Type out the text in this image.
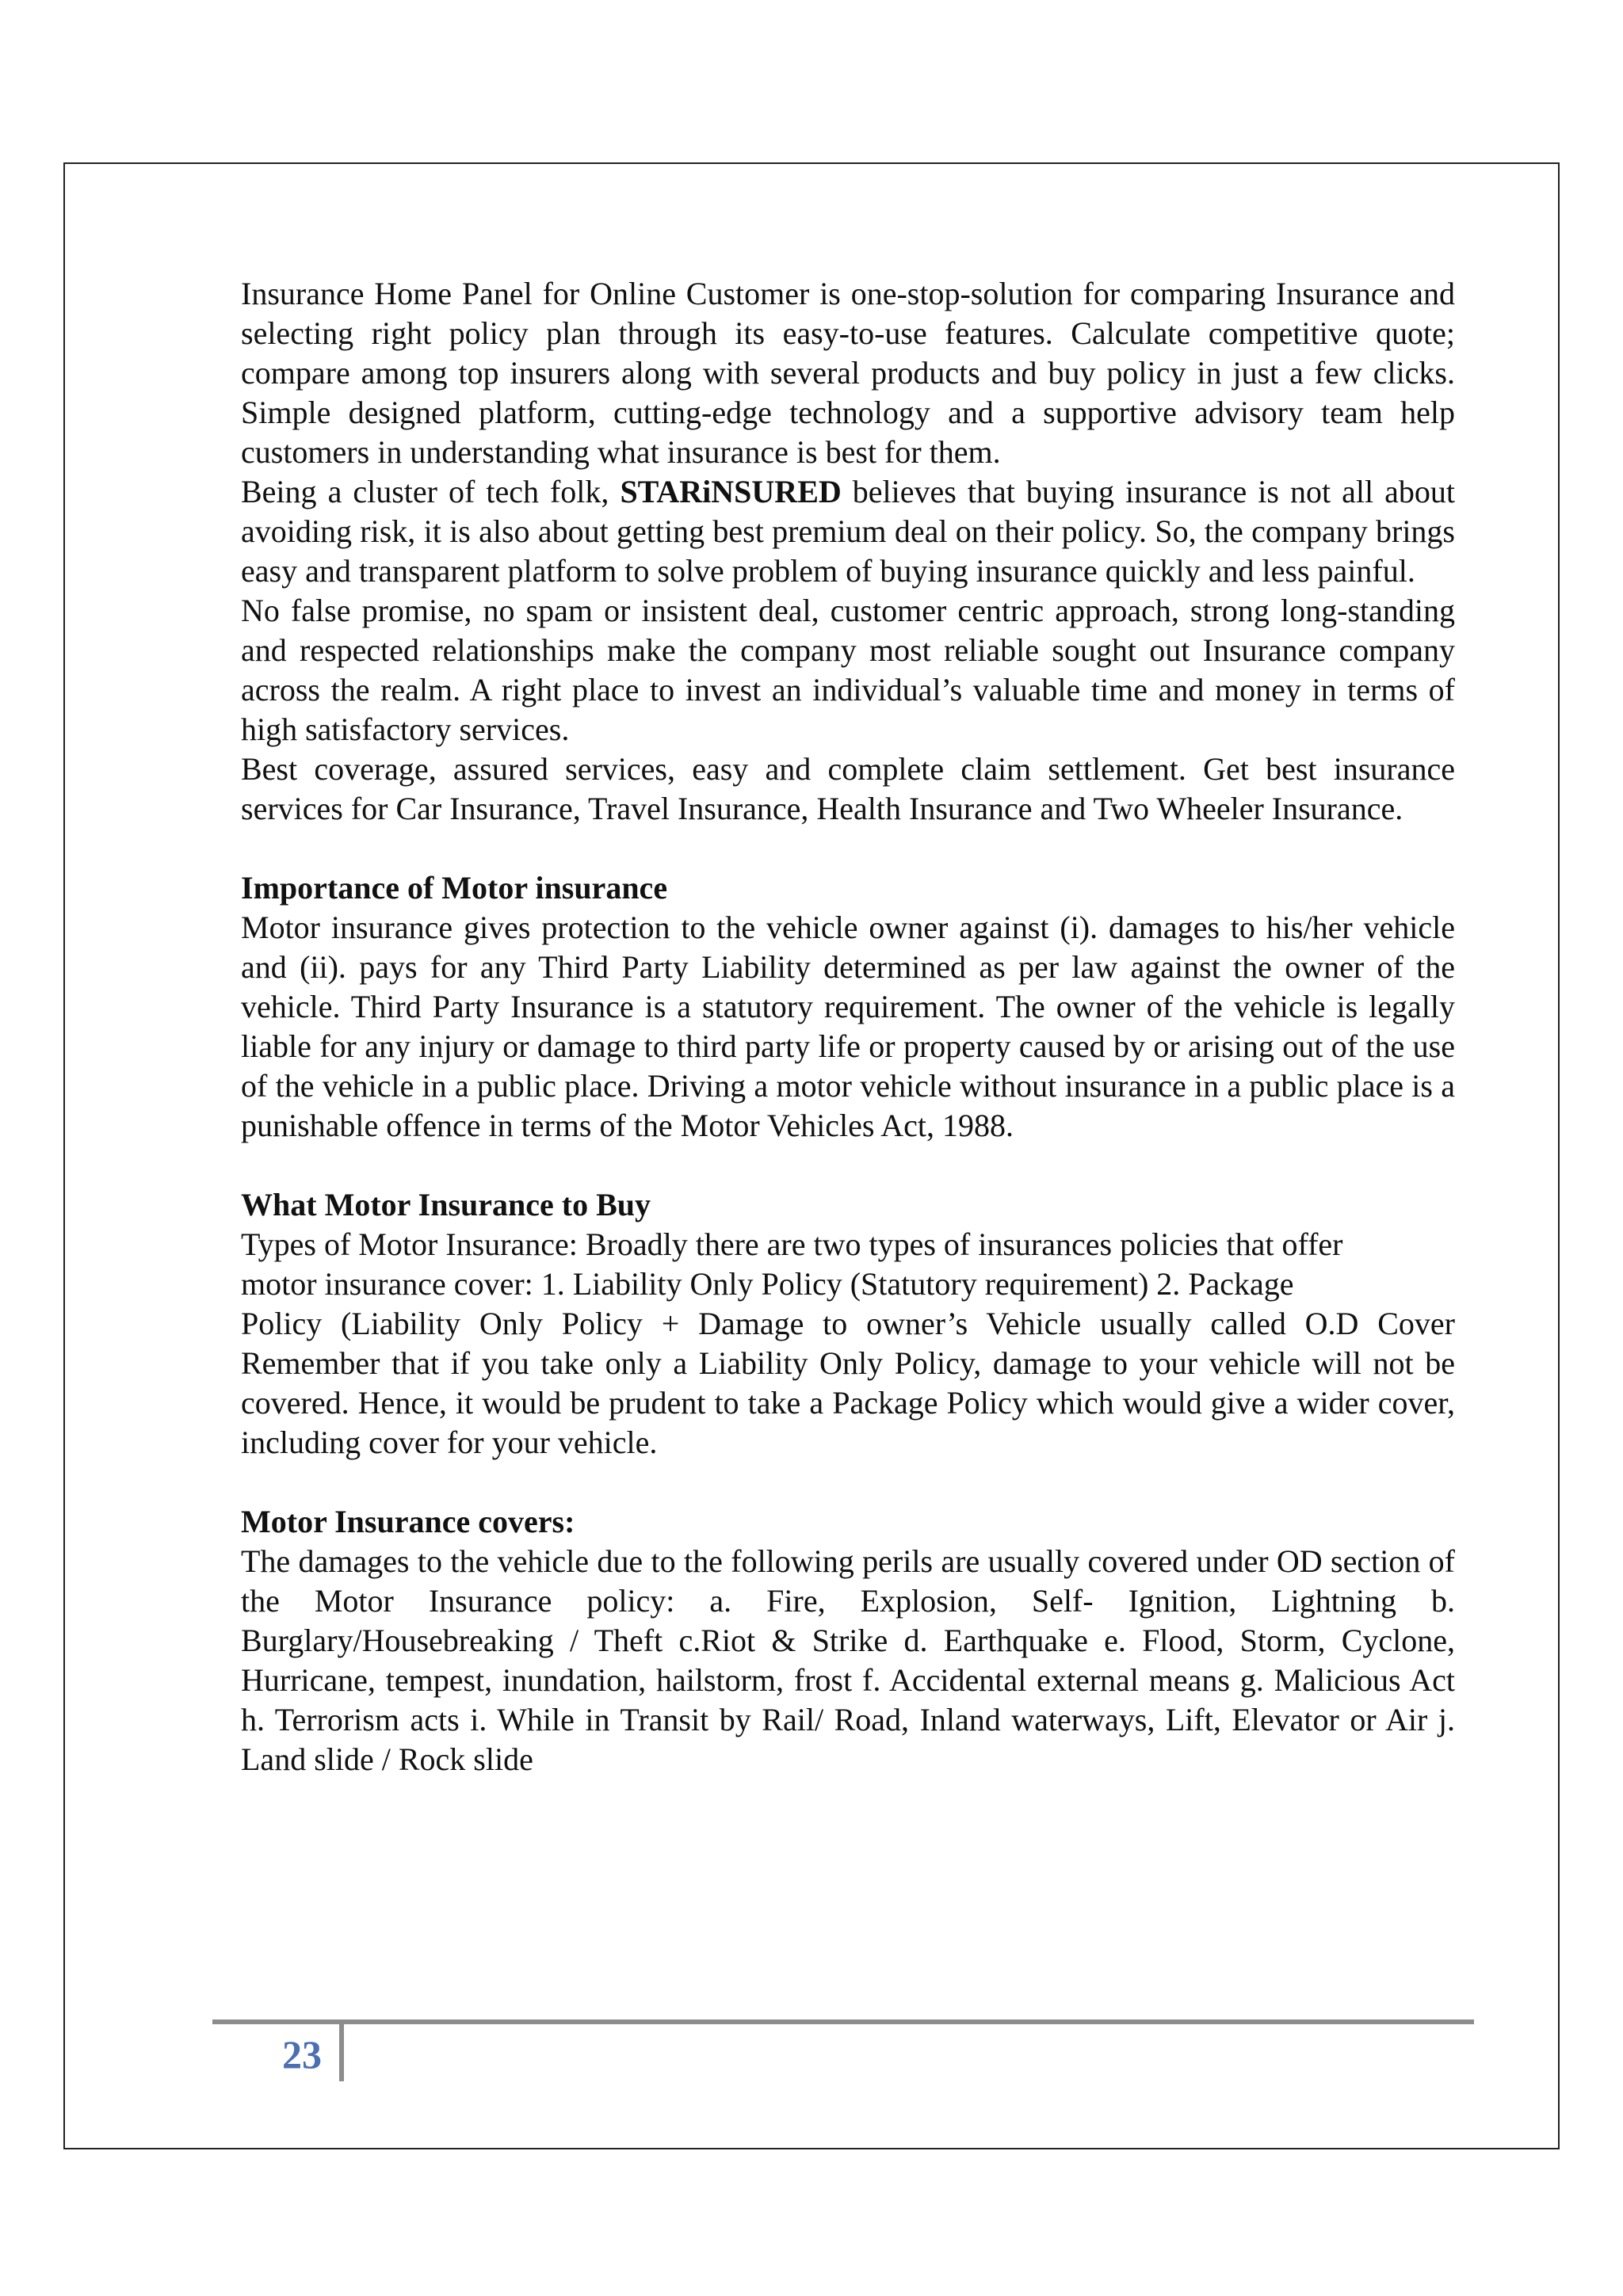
Insurance Home Panel for Online Customer is one-stop-solution for comparing Insurance and selecting right policy plan through its easy-to-use features. Calculate competitive quote; compare among top insurers along with several products and buy policy in just a few clicks. Simple designed platform, cutting-edge technology and a supportive advisory team help customers in understanding what insurance is best for them.

Being a cluster of tech folk, STARiNSURED believes that buying insurance is not all about avoiding risk, it is also about getting best premium deal on their policy. So, the company brings easy and transparent platform to solve problem of buying insurance quickly and less painful.

No false promise, no spam or insistent deal, customer centric approach, strong long-standing and respected relationships make the company most reliable sought out Insurance company across the realm. A right place to invest an individual’s valuable time and money in terms of high satisfactory services.

Best coverage, assured services, easy and complete claim settlement. Get best insurance services for Car Insurance, Travel Insurance, Health Insurance and Two Wheeler Insurance.

Importance of Motor insurance

Motor insurance gives protection to the vehicle owner against (i). damages to his/her vehicle and (ii). pays for any Third Party Liability determined as per law against the owner of the vehicle. Third Party Insurance is a statutory requirement. The owner of the vehicle is legally liable for any injury or damage to third party life or property caused by or arising out of the use of the vehicle in a public place. Driving a motor vehicle without insurance in a public place is a punishable offence in terms of the Motor Vehicles Act, 1988.

What Motor Insurance to Buy
Types of Motor Insurance: Broadly there are two types of insurances policies that offer
motor insurance cover: 1. Liability Only Policy (Statutory requirement) 2. Package

Policy (Liability Only Policy + Damage to owner’s Vehicle usually called O.D Cover Remember that if you take only a Liability Only Policy, damage to your vehicle will not be covered. Hence, it would be prudent to take a Package Policy which would give a wider cover, including cover for your vehicle.

Motor Insurance covers:

The damages to the vehicle due to the following perils are usually covered under OD section of the Motor Insurance policy: a. Fire, Explosion, Self- Ignition, Lightning b. Burglary/Housebreaking / Theft c.Riot & Strike d. Earthquake e. Flood, Storm, Cyclone, Hurricane, tempest, inundation, hailstorm, frost f. Accidental external means g. Malicious Act h. Terrorism acts i. While in Transit by Rail/ Road, Inland waterways, Lift, Elevator or Air j. Land slide / Rock slide

23
